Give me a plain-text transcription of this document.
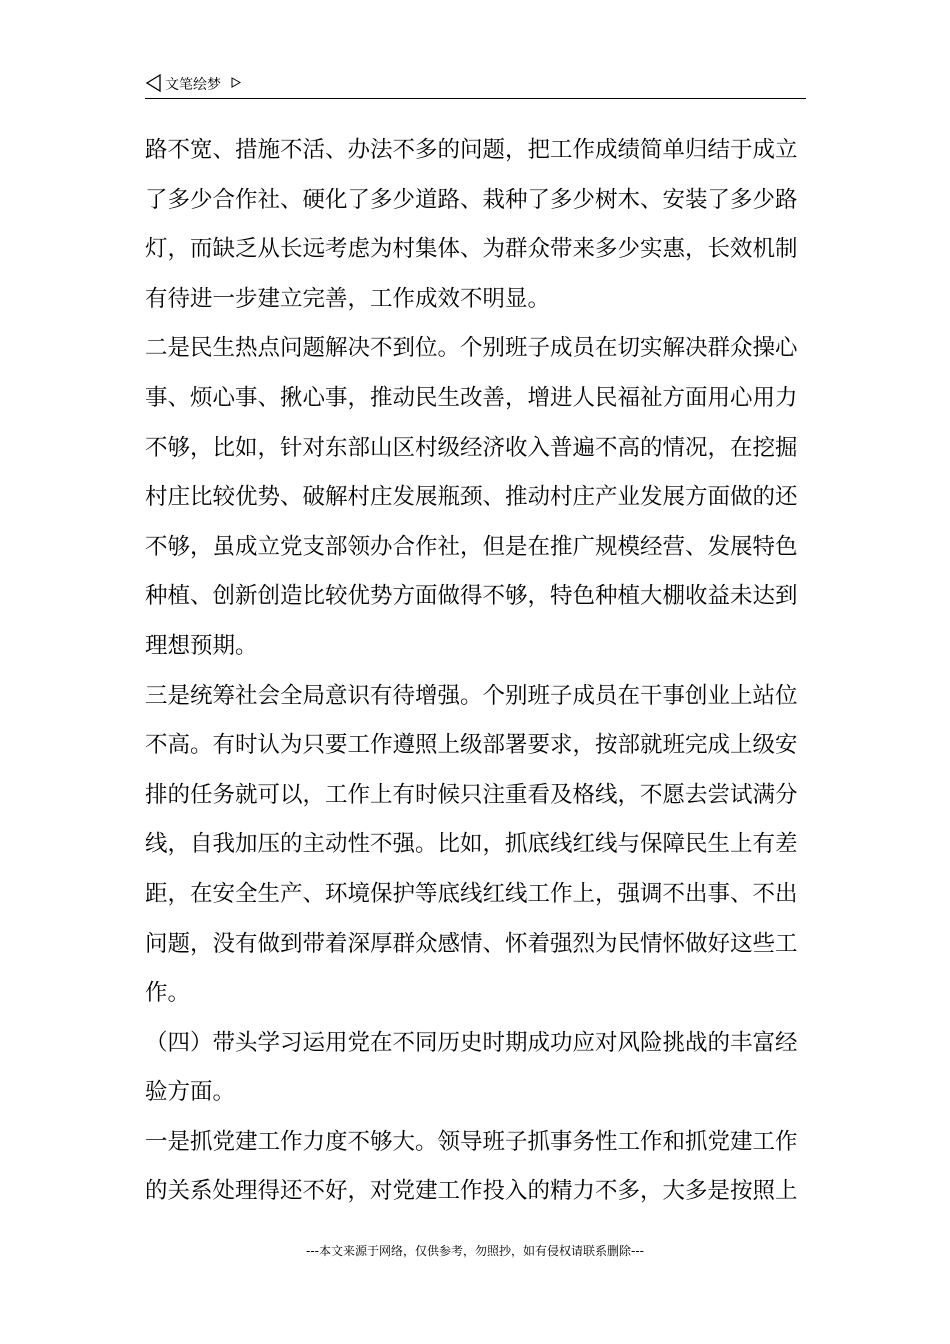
文笔绘梦
路不宽、措施不活、办法不多的问题，把工作成绩简单归结于成立
了多少合作社、硬化了多少道路、栽种了多少树木、安装了多少路
灯，而缺乏从长远考虑为村集体、为群众带来多少实惠，长效机制
有待进一步建立完善，工作成效不明显。
二是民生热点问题解决不到位。个别班子成员在切实解决群众操心
事、烦心事、揪心事，推动民生改善，增进人民福祉方面用心用力
不够，比如，针对东部山区村级经济收入普遍不高的情况，在挖掘
村庄比较优势、破解村庄发展瓶颈、推动村庄产业发展方面做的还
不够，虽成立党支部领办合作社，但是在推广规模经营、发展特色
种植、创新创造比较优势方面做得不够，特色种植大棚收益未达到
理想预期。
三是统筹社会全局意识有待增强。个别班子成员在干事创业上站位
不高。有时认为只要工作遵照上级部署要求，按部就班完成上级安
排的任务就可以，工作上有时候只注重看及格线，不愿去尝试满分
线，自我加压的主动性不强。比如，抓底线红线与保障民生上有差
距，在安全生产、环境保护等底线红线工作上，强调不出事、不出
问题，没有做到带着深厚群众感情、怀着强烈为民情怀做好这些工
作。
（四）带头学习运用党在不同历史时期成功应对风险挑战的丰富经
验方面。
一是抓党建工作力度不够大。领导班子抓事务性工作和抓党建工作
的关系处理得还不好，对党建工作投入的精力不多，大多是按照上
---本文来源于网络，仅供参考，勿照抄，如有侵权请联系删除---
